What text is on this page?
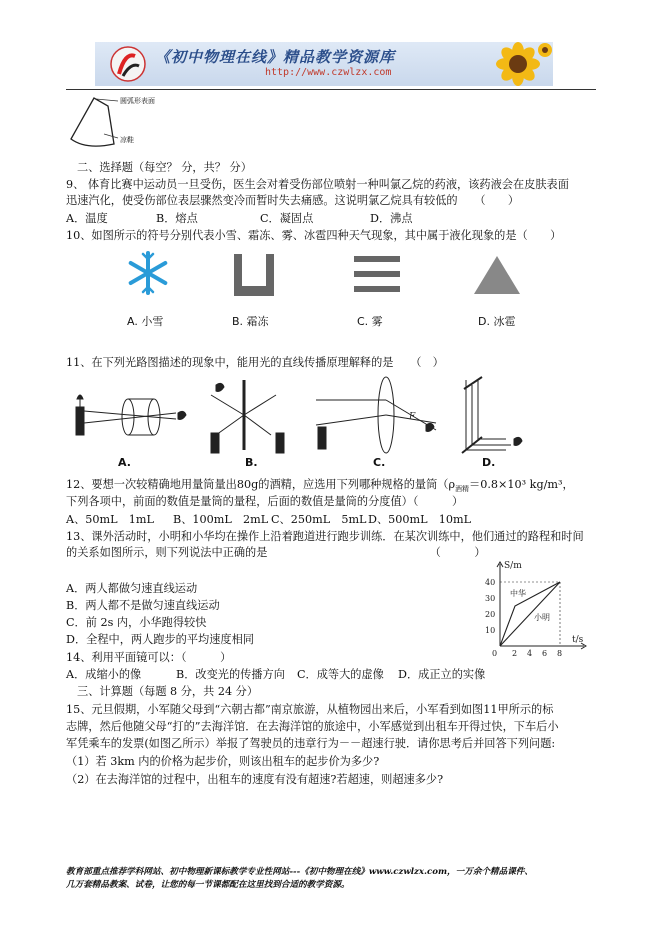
《初中物理在线》精品教学资源库
http://www.czwlzx.com
圆弧形表面
凉鞋
二、选择题（每空？ 分，共？ 分）
9、 体育比赛中运动员一旦受伤，医生会对着受伤部位喷射一种叫氯乙烷的药液，该药液会在皮肤表面
迅速汽化，使受伤部位表层骤然变冷而暂时失去痛感。这说明氯乙烷具有较低的　　（　　）
A．温度	B．熔点	C．凝固点	D．沸点
10、如图所示的符号分别代表小雪、霜冻、雾、冰雹四种天气现象，其中属于液化现象的是（　　）
A. 小雪	B. 霜冻	C. 雾	D. 冰雹
11、在下列光路图描述的现象中，能用光的直线传播原理解释的是　　（　）
F
A.	B.	C.	D.
12、要想一次较精确地用量筒量出80g的酒精，应选用下列哪种规格的量筒（$\rho_{酒精}=0.8\times 10^3$ kg/m³，
下列各项中，前面的数值是量筒的量程，后面的数值是量筒的分度值）（　　　）
A、50mL　1mL B、100mL　2mL C、250mL　5mL D、500mL　10mL
13、课外活动时，小明和小华均在操作上沿着跑道进行跑步训练．在某次训练中，他们通过的路程和时间
的关系如图所示，则下列说法中正确的是　　　　　　　　　　　　　　　（　　　）
A．两人都做匀速直线运动
B．两人都不是做匀速直线运动
C．前 2s 内，小华跑得较快
D．全程中，两人跑步的平均速度相同
S/m
t/s
0
40
30
20
10
2 4 6 8
中华
小明
14、利用平面镜可以：（　　　）
A．成缩小的像	B．改变光的传播方向 C．成等大的虚像 D．成正立的实像
三、计算题（每题 8 分，共 24 分）
15、元旦假期，小军随父母到“六朝古都”南京旅游，从植物园出来后，小军看到如图11甲所示的标
志牌，然后他随父母“打的”去海洋馆．在去海洋馆的旅途中，小军感觉到出租车开得过快，下车后小
军凭乘车的发票(如图乙所示）举报了驾驶员的违章行为－－超速行驶．请你思考后并回答下列问题:
（1）若 3km 内的价格为起步价，则该出租车的起步价为多少?
（2）在去海洋馆的过程中，出租车的速度有没有超速?若超速，则超速多少?
教育部重点推荐学科网站、初中物理新课标教学专业性网站---《初中物理在线》www.czwlzx.com，一万余个精品课件、
几万套精品教案、试卷，让您的每一节课都配在这里找到合适的教学资源。
